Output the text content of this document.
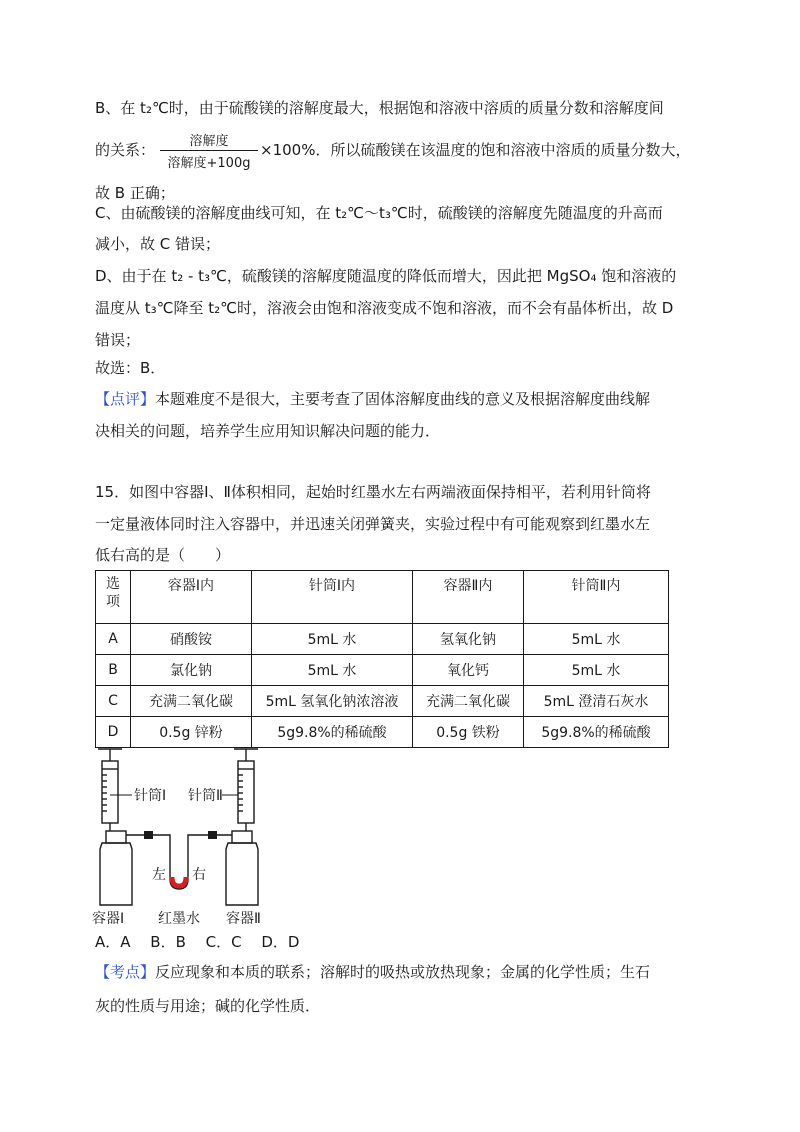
B、在 t₂℃时，由于硫酸镁的溶解度最大，根据饱和溶液中溶质的质量分数和溶解度间
的关系：	溶解度
溶解度+100g
×100%．所以硫酸镁在该温度的饱和溶液中溶质的质量分数大，
故 B 正确；
C、由硫酸镁的溶解度曲线可知，在 t₂℃～t₃℃时，硫酸镁的溶解度先随温度的升高而
减小，故 C 错误；
D、由于在 t₂ - t₃℃，硫酸镁的溶解度随温度的降低而增大，因此把 MgSO₄ 饱和溶液的
温度从 t₃℃降至 t₂℃时，溶液会由饱和溶液变成不饱和溶液，而不会有晶体析出，故 D
错误；
故选：B．
【点评】本题难度不是很大，主要考查了固体溶解度曲线的意义及根据溶解度曲线解
决相关的问题，培养学生应用知识解决问题的能力．
15．如图中容器Ⅰ、Ⅱ体积相同，起始时红墨水左右两端液面保持相平，若利用针筒将
一定量液体同时注入容器中，并迅速关闭弹簧夹，实验过程中有可能观察到红墨水左
低右高的是（　　）
选
项	容器Ⅰ内	针筒Ⅰ内	容器Ⅱ内	针筒Ⅱ内
A	硝酸铵	5mL 水	氢氧化钠	5mL 水
B	氯化钠	5mL 水	氧化钙	5mL 水
C	充满二氧化碳	5mL 氢氧化钠浓溶液	充满二氧化碳	5mL 澄清石灰水
D	0.5g 锌粉	5g9.8%的稀硫酸	0.5g 铁粉	5g9.8%的稀硫酸
针筒Ⅰ 针筒Ⅱ
左 右
容器Ⅰ 红墨水 容器Ⅱ
A．A　 B．B　 C．C　 D．D
【考点】反应现象和本质的联系；溶解时的吸热或放热现象；金属的化学性质；生石
灰的性质与用途；碱的化学性质．
